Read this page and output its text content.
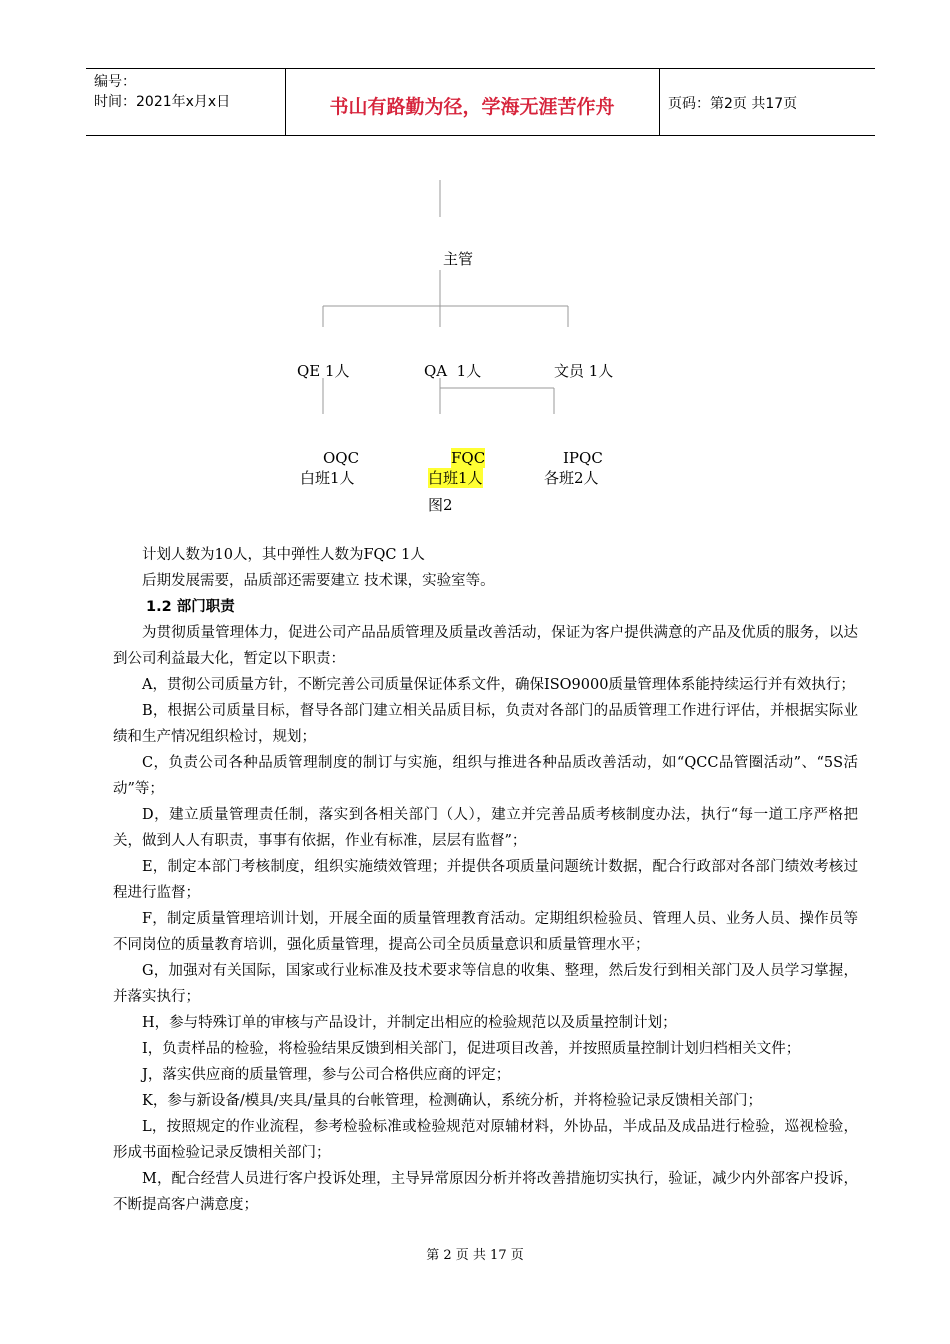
编号：
时间：2021年x月x日	书山有路勤为径，学海无涯苦作舟	页码：第2页 共17页
主管
QE 1人	QA  1人	文员 1人
OQC
白班1人
FQC
白班1人
IPQC
各班2人
图2
计划人数为10人，其中弹性人数为FQC 1人
后期发展需要，品质部还需要建立 技术课，实验室等。
1.2 部门职责

为贯彻质量管理体力，促进公司产品品质管理及质量改善活动，保证为客户提供满意的产品及优质的服务，以达到公司利益最大化，暂定以下职责：

A，贯彻公司质量方针，不断完善公司质量保证体系文件，确保ISO9000质量管理体系能持续运行并有效执行；

B，根据公司质量目标，督导各部门建立相关品质目标，负责对各部门的品质管理工作进行评估，并根据实际业绩和生产情况组织检讨，规划；

C，负责公司各种品质管理制度的制订与实施，组织与推进各种品质改善活动，如“QCC品管圈活动”、“5S活动”等；

D，建立质量管理责任制，落实到各相关部门（人），建立并完善品质考核制度办法，执行“每一道工序严格把关，做到人人有职责，事事有依据，作业有标准，层层有监督”；

E，制定本部门考核制度，组织实施绩效管理；并提供各项质量问题统计数据，配合行政部对各部门绩效考核过程进行监督；

F，制定质量管理培训计划，开展全面的质量管理教育活动。定期组织检验员、管理人员、业务人员、操作员等不同岗位的质量教育培训，强化质量管理，提高公司全员质量意识和质量管理水平；

G，加强对有关国际，国家或行业标准及技术要求等信息的收集、整理，然后发行到相关部门及人员学习掌握，并落实执行；

H，参与特殊订单的审核与产品设计，并制定出相应的检验规范以及质量控制计划；

I，负责样品的检验，将检验结果反馈到相关部门，促进项目改善，并按照质量控制计划归档相关文件；

J，落实供应商的质量管理，参与公司合格供应商的评定；

K，参与新设备/模具/夹具/量具的台帐管理，检测确认，系统分析，并将检验记录反馈相关部门；

L，按照规定的作业流程，参考检验标准或检验规范对原辅材料，外协品，半成品及成品进行检验，巡视检验，形成书面检验记录反馈相关部门；

M，配合经营人员进行客户投诉处理，主导异常原因分析并将改善措施切实执行，验证，减少内外部客户投诉，不断提高客户满意度；

第 2 页 共 17 页
